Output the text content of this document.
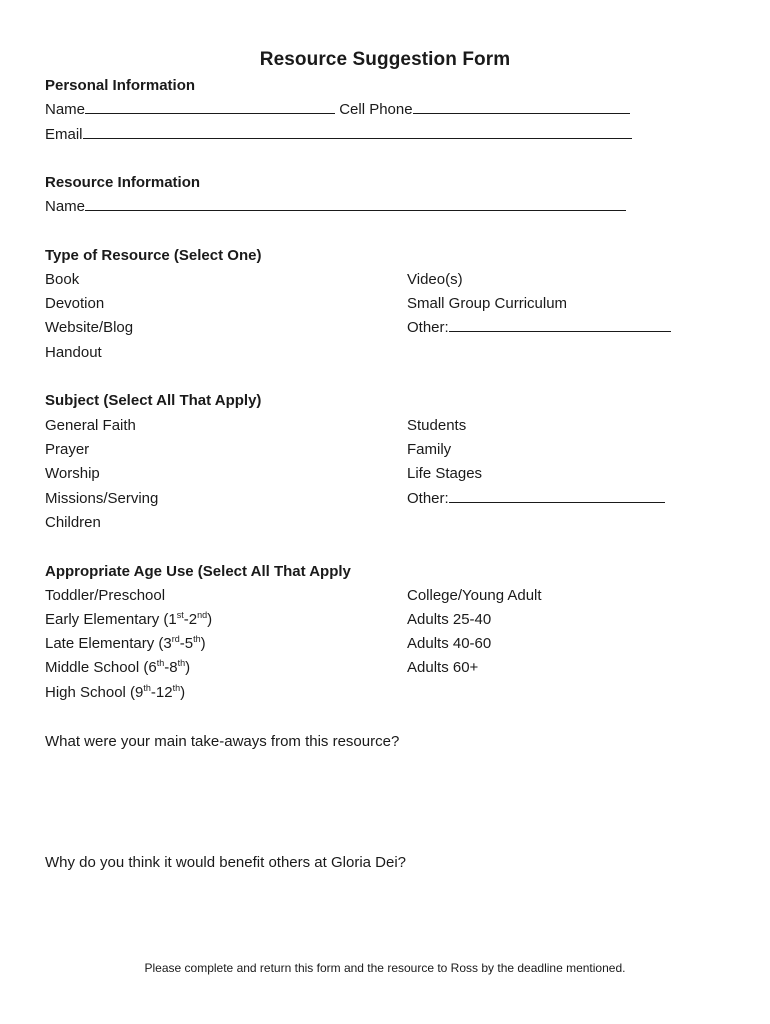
Resource Suggestion Form
Personal Information
Name	Cell Phone
Email
Resource Information
Name
Type of Resource (Select One)
Book
Devotion
Website/Blog
Handout
Video(s)
Small Group Curriculum
Other:
Subject (Select All That Apply)
General Faith
Prayer
Worship
Missions/Serving
Children
Students
Family
Life Stages
Other:
Appropriate Age Use (Select All That Apply
Toddler/Preschool
Early Elementary (1st-2nd)
Late Elementary (3rd-5th)
Middle School (6th-8th)
High School (9th-12th)
College/Young Adult
Adults 25-40
Adults 40-60
Adults 60+
What were your main take-aways from this resource?
Why do you think it would benefit others at Gloria Dei?
Please complete and return this form and the resource to Ross by the deadline mentioned.
